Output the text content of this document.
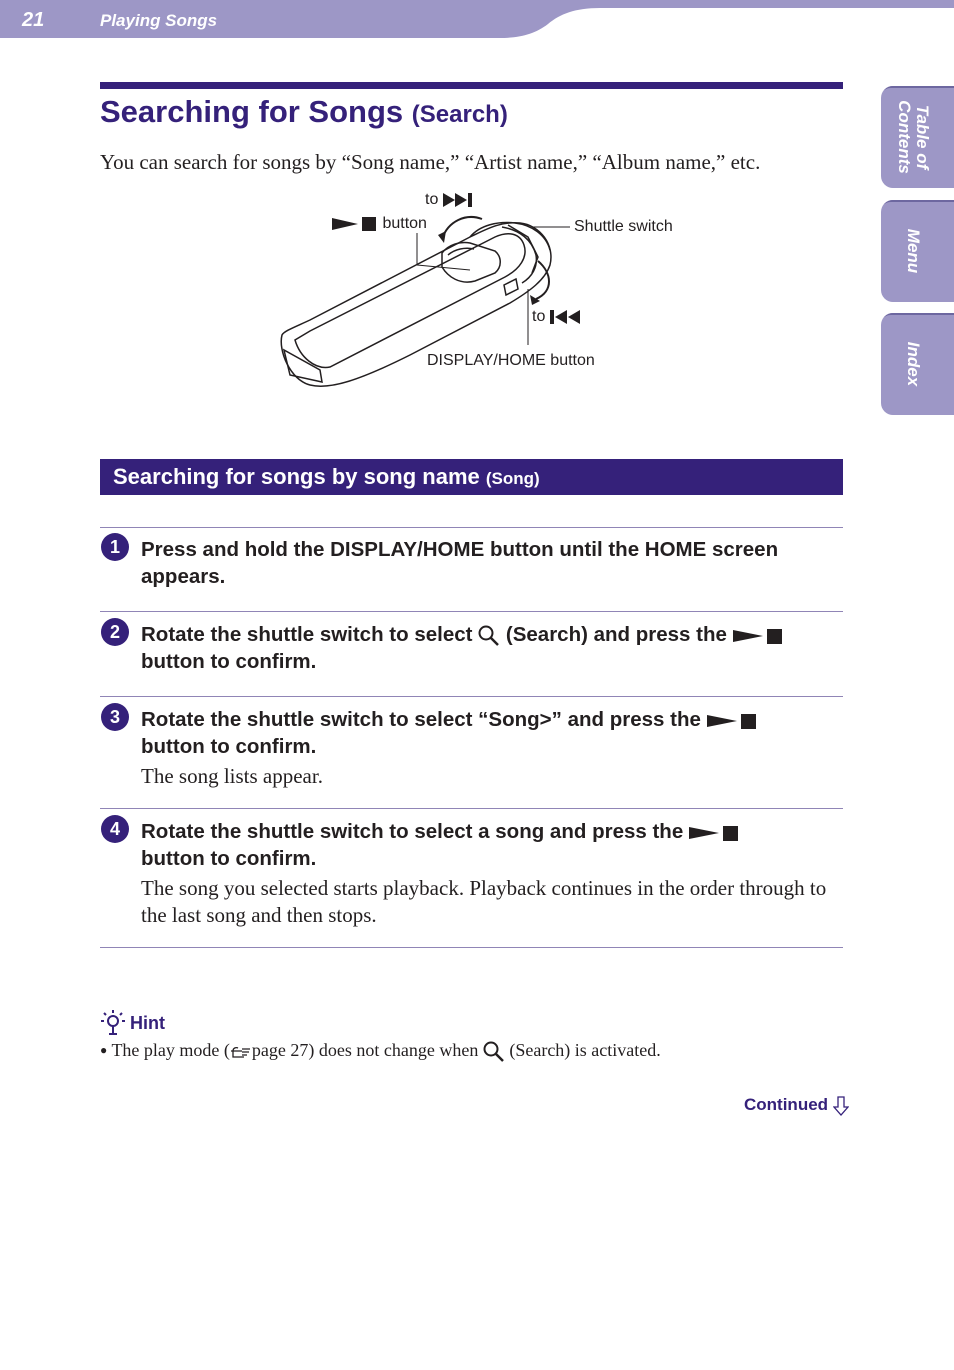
21	Playing Songs
Table of
Contents
Menu
Index
Searching for Songs (Search)
You can search for songs by “Song name,” “Artist name,” “Album name,” etc.
to
button	Shuttle switch
to
DISPLAY/HOME button
Searching for songs by song name (Song)
1	Press and hold the DISPLAY/HOME button until the HOME screen appears.
2	Rotate the shuttle switch to select (Search) and press the
button to confirm.
3	Rotate the shuttle switch to select “Song>” and press the
button to confirm.
The song lists appear.
4	Rotate the shuttle switch to select a song and press the
button to confirm.
The song you selected starts playback. Playback continues in the order through to the last song and then stops.
Hint
● The play mode ( page 27) does not change when (Search) is activated.
Continued
